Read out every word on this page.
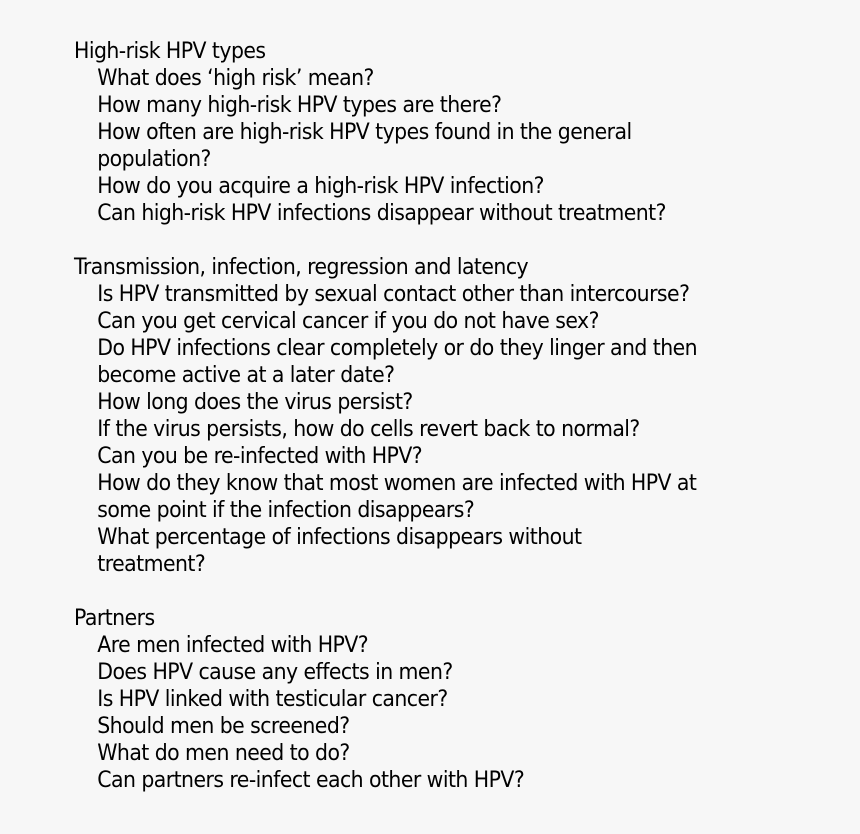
High-risk HPV types
What does ‘high risk’ mean?
How many high-risk HPV types are there?
How often are high-risk HPV types found in the general population?
How do you acquire a high-risk HPV infection?
Can high-risk HPV infections disappear without treatment?
Transmission, infection, regression and latency
Is HPV transmitted by sexual contact other than intercourse?
Can you get cervical cancer if you do not have sex?
Do HPV infections clear completely or do they linger and then become active at a later date?
How long does the virus persist?
If the virus persists, how do cells revert back to normal?
Can you be re-infected with HPV?
How do they know that most women are infected with HPV at some point if the infection disappears?
What percentage of infections disappears without treatment?
Partners
Are men infected with HPV?
Does HPV cause any effects in men?
Is HPV linked with testicular cancer?
Should men be screened?
What do men need to do?
Can partners re-infect each other with HPV?
